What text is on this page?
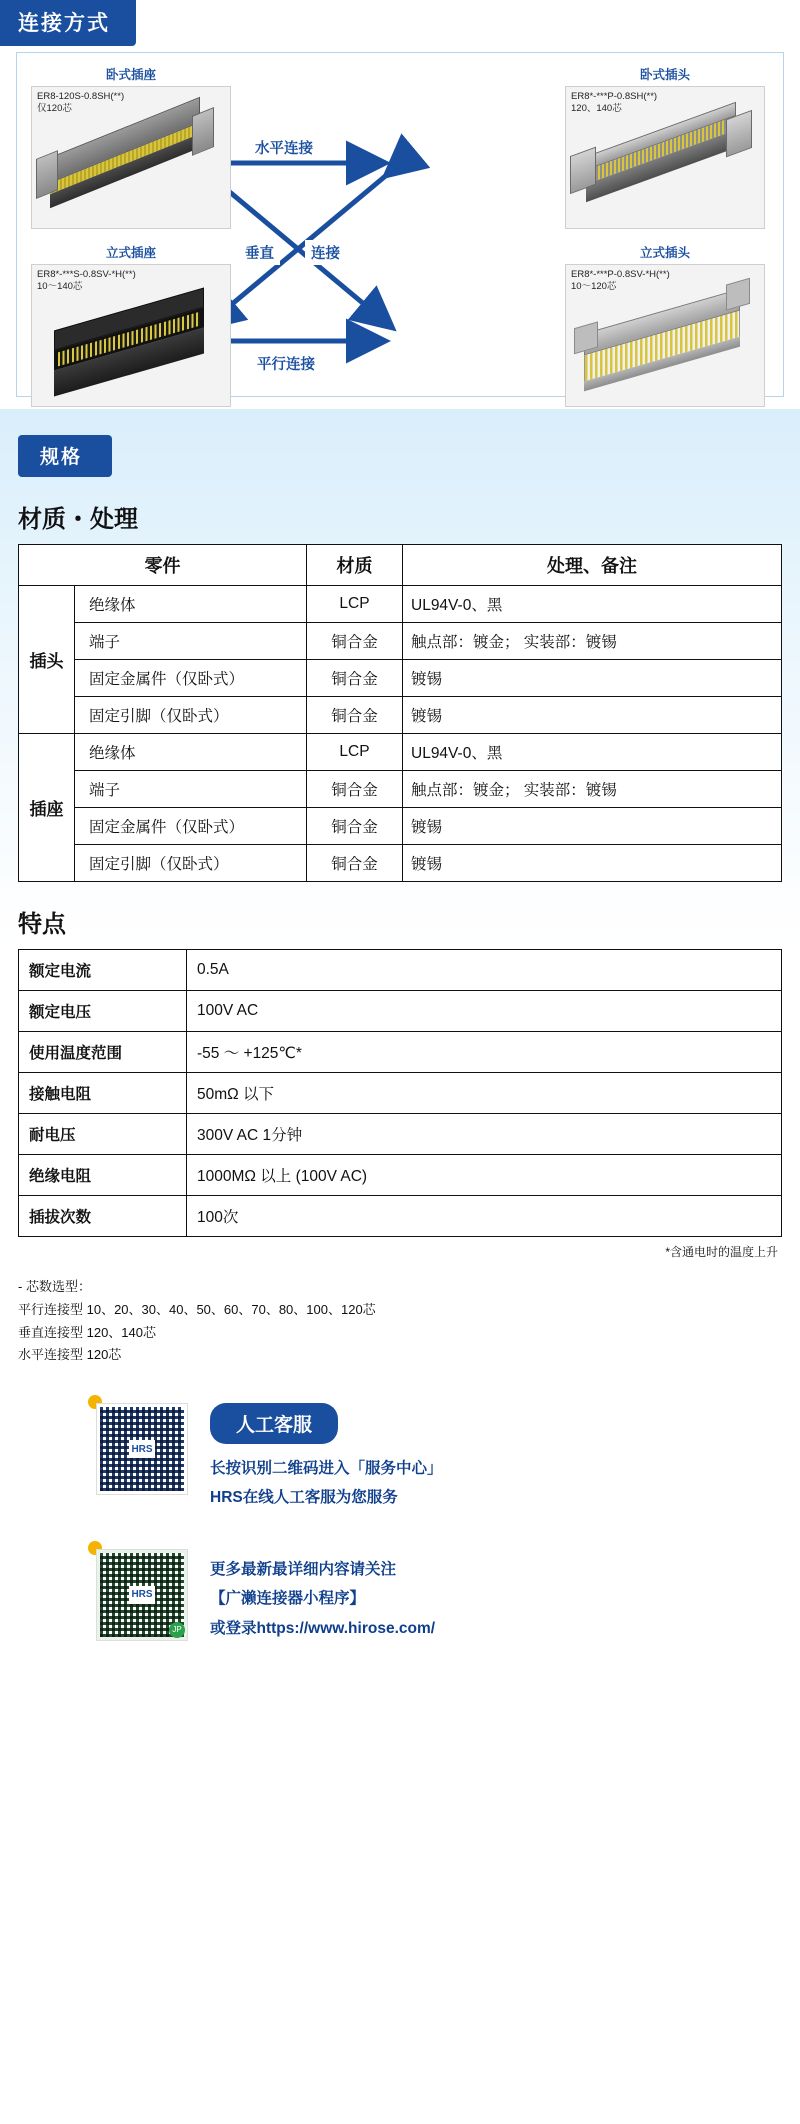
连接方式
卧式插座
ER8-120S-0.8SH(**)
仅120芯
卧式插头
ER8*-***P-0.8SH(**)
120、140芯
立式插座
ER8*-***S-0.8SV-*H(**)
10～140芯
立式插头
ER8*-***P-0.8SV-*H(**)
10～120芯
水平连接
垂直	连接
平行连接
规格
材质・处理
零件		材质	处理、备注
插头	绝缘体	LCP	UL94V-0、黑
	端子	铜合金	触点部：镀金； 实装部：镀锡
	固定金属件（仅卧式）	铜合金	镀锡
	固定引脚（仅卧式）	铜合金	镀锡
插座	绝缘体	LCP	UL94V-0、黑
	端子	铜合金	触点部：镀金； 实装部：镀锡
	固定金属件（仅卧式）	铜合金	镀锡
	固定引脚（仅卧式）	铜合金	镀锡
特点
额定电流	0.5A
额定电压	100V AC
使用温度范围	-55 ～ +125℃*
接触电阻	50mΩ 以下
耐电压	300V AC 1分钟
绝缘电阻	1000MΩ 以上 (100V AC)
插拔次数	100次
*含通电时的温度上升
- 芯数选型：
平行连接型 10、20、30、40、50、60、70、80、100、120芯
垂直连接型 120、140芯
水平连接型 120芯
HRS
人工客服
长按识别二维码进入「服务中心」
HRS在线人工客服为您服务
HRS
JP
更多最新最详细内容请关注
【广濑连接器小程序】
或登录https://www.hirose.com/
